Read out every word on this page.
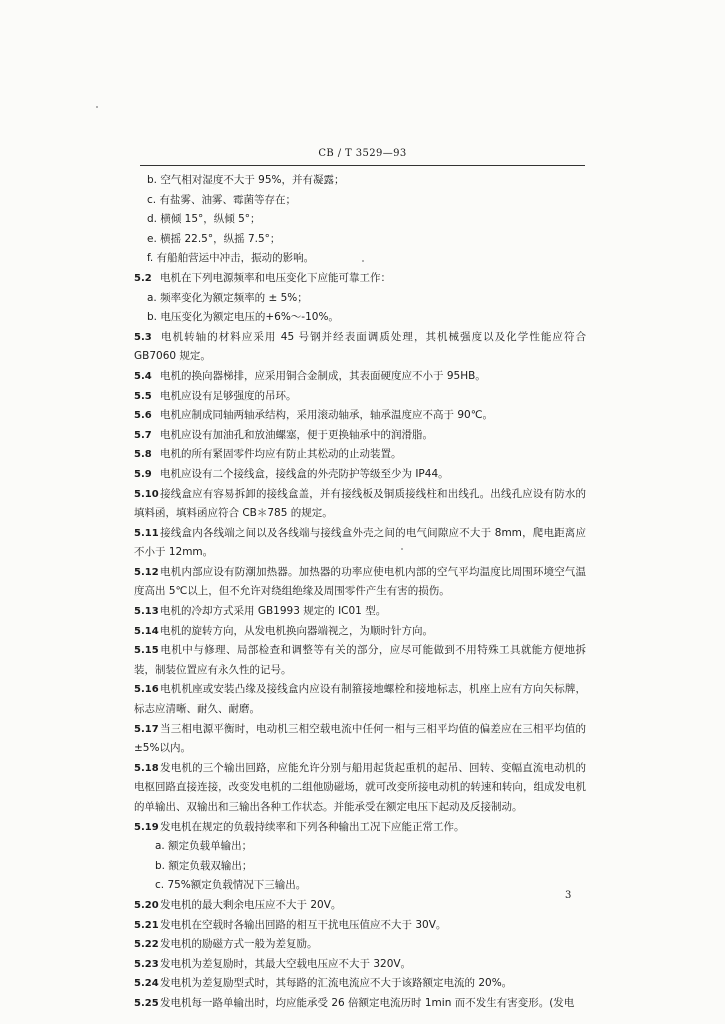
CB / T 3529—93
b. 空气相对湿度不大于 95%，并有凝露；
c. 有盐雾、油雾、霉菌等存在；
d. 横倾 15°，纵倾 5°；
e. 横摇 22.5°，纵摇 7.5°；
f. 有船舶营运中冲击，振动的影响。
5.2 电机在下列电源频率和电压变化下应能可靠工作：
a. 频率变化为额定频率的 ± 5%；
b. 电压变化为额定电压的+6%～-10%。
5.3 电机转轴的材料应采用 45 号钢并经表面调质处理，其机械强度以及化学性能应符合 GB7060 规定。
5.4 电机的换向器梯排，应采用铜合金制成，其表面硬度应不小于 95HB。
5.5 电机应设有足够强度的吊环。
5.6 电机应制成同轴两轴承结构，采用滚动轴承，轴承温度应不高于 90℃。
5.7 电机应设有加油孔和放油螺塞，便于更换轴承中的润滑脂。
5.8 电机的所有紧固零件均应有防止其松动的止动装置。
5.9 电机应设有二个接线盒，接线盒的外壳防护等级至少为 IP44。
5.10接线盒应有容易拆卸的接线盒盖，并有接线板及铜质接线柱和出线孔。出线孔应设有防水的填料函，填料函应符合 CB＊785 的规定。
5.11接线盒内各线端之间以及各线端与接线盒外壳之间的电气间隙应不大于 8mm，爬电距离应不小于 12mm。
5.12电机内部应设有防潮加热器。加热器的功率应使电机内部的空气平均温度比周围环境空气温度高出 5℃以上，但不允许对绕组绝缘及周围零件产生有害的损伤。
5.13电机的冷却方式采用 GB1993 规定的 IC01 型。
5.14电机的旋转方向，从发电机换向器端视之，为顺时针方向。
5.15电机中与修理、局部检查和调整等有关的部分，应尽可能做到不用特殊工具就能方便地拆装，制装位置应有永久性的记号。
5.16电机机座或安装凸缘及接线盒内应设有制箍接地螺栓和接地标志，机座上应有方向矢标牌，标志应清晰、耐久、耐磨。
5.17当三相电源平衡时，电动机三相空载电流中任何一相与三相平均值的偏差应在三相平均值的±5%以内。
5.18发电机的三个输出回路，应能允许分别与船用起货起重机的起吊、回转、变幅直流电动机的电枢回路直接连接，改变发电机的二组他励磁场，就可改变所接电动机的转速和转向，组成发电机的单输出、双输出和三输出各种工作状态。并能承受在额定电压下起动及反接制动。
5.19发电机在规定的负载持续率和下列各种输出工况下应能正常工作。
a. 额定负载单输出；
b. 额定负载双输出；
c. 75%额定负载情况下三输出。
5.20发电机的最大剩余电压应不大于 20V。
5.21发电机在空载时各输出回路的相互干扰电压值应不大于 30V。
5.22发电机的励磁方式一般为差复励。
5.23发电机为差复励时，其最大空载电压应不大于 320V。
5.24发电机为差复励型式时，其每路的汇流电流应不大于该路额定电流的 20%。
5.25发电机每一路单输出时，均应能承受 26 倍额定电流历时 1min 而不发生有害变形。(发电
3
